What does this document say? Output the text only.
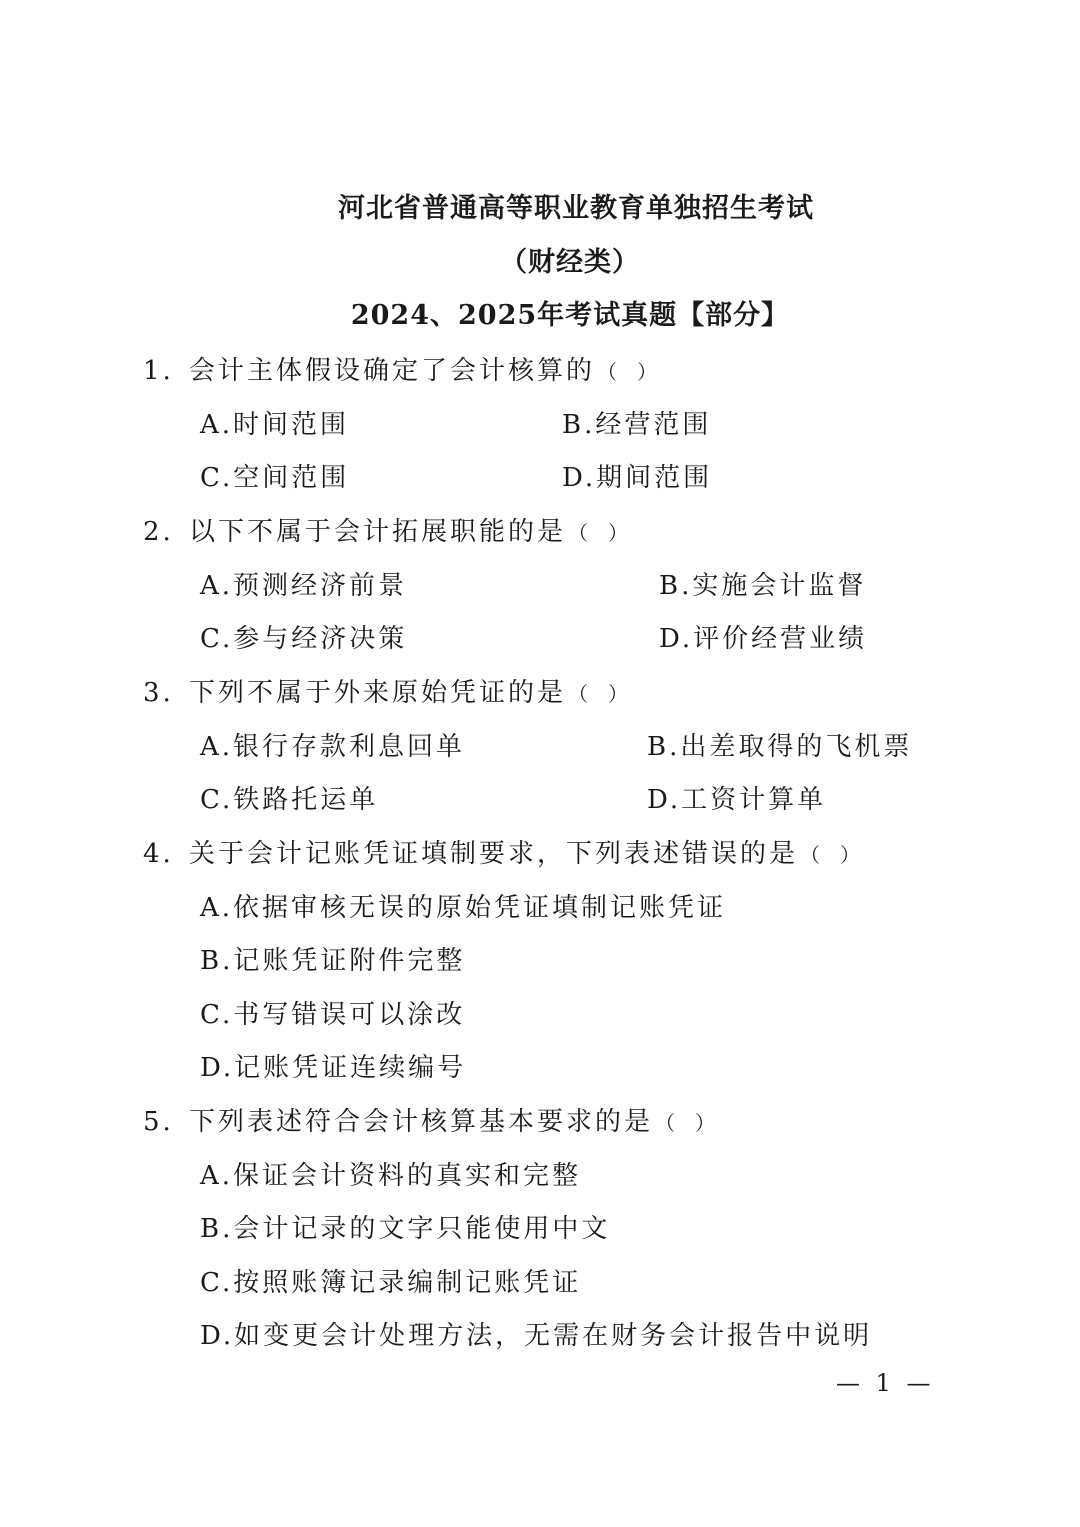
河北省普通高等职业教育单独招生考试
（财经类）
2024、2025年考试真题【部分】
1. 会计主体假设确定了会计核算的 （　）
A.时间范围	B.经营范围
C.空间范围	D.期间范围
2. 以下不属于会计拓展职能的是 （　）
A.预测经济前景	B.实施会计监督
C.参与经济决策	D.评价经营业绩
3. 下列不属于外来原始凭证的是 （　）
A.银行存款利息回单	B.出差取得的飞机票
C.铁路托运单	D.工资计算单
4. 关于会计记账凭证填制要求，下列表述错误的是 （　）
A.依据审核无误的原始凭证填制记账凭证
B.记账凭证附件完整
C.书写错误可以涂改
D.记账凭证连续编号
5. 下列表述符合会计核算基本要求的是 （　）
A.保证会计资料的真实和完整
B.会计记录的文字只能使用中文
C.按照账簿记录编制记账凭证
D.如变更会计处理方法，无需在财务会计报告中说明
— 1 —
